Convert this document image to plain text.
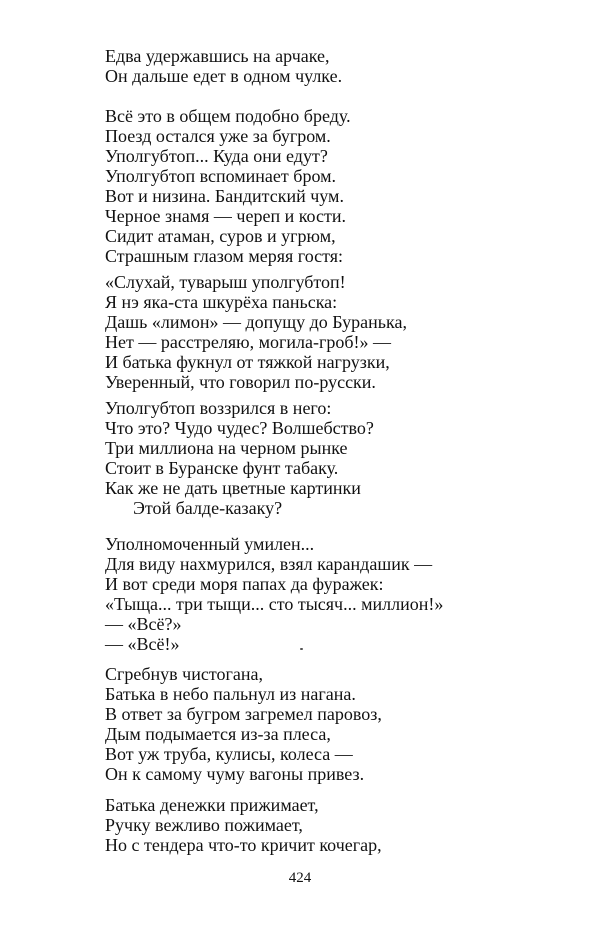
Едва удержавшись на арчаке,
Он дальше едет в одном чулке.
Всё это в общем подобно бреду.
Поезд остался уже за бугром.
Уполгубтоп... Куда они едут?
Уполгубтоп вспоминает бром.
Вот и низина. Бандитский чум.
Черное знамя — череп и кости.
Сидит атаман, суров и угрюм,
Страшным глазом меряя гостя:
«Слухай, туварыш уполгубтоп!
Я нэ яка-ста шкурёха паньска:
Дашь «лимон» — допущу до Буранька,
Нет — расстреляю, могила-гроб!» —
И батька фукнул от тяжкой нагрузки,
Уверенный, что говорил по-русски.
Уполгубтоп воззрился в него:
Что это? Чудо чудес? Волшебство?
Три миллиона на черном рынке
Стоит в Буранске фунт табаку.
Как же не дать цветные картинки
Этой балде-казаку?
Уполномоченный умилен...
Для виду нахмурился, взял карандашик —
И вот среди моря папах да фуражек:
«Тыща... три тыщи... сто тысяч... миллион!»
— «Всё?»
— «Всё!»
Сгребнув чистогана,
Батька в небо пальнул из нагана.
В ответ за бугром загремел паровоз,
Дым подымается из-за плеса,
Вот уж труба, кулисы, колеса —
Он к самому чуму вагоны привез.
Батька денежки прижимает,
Ручку вежливо пожимает,
Но с тендера что-то кричит кочегар,
424
